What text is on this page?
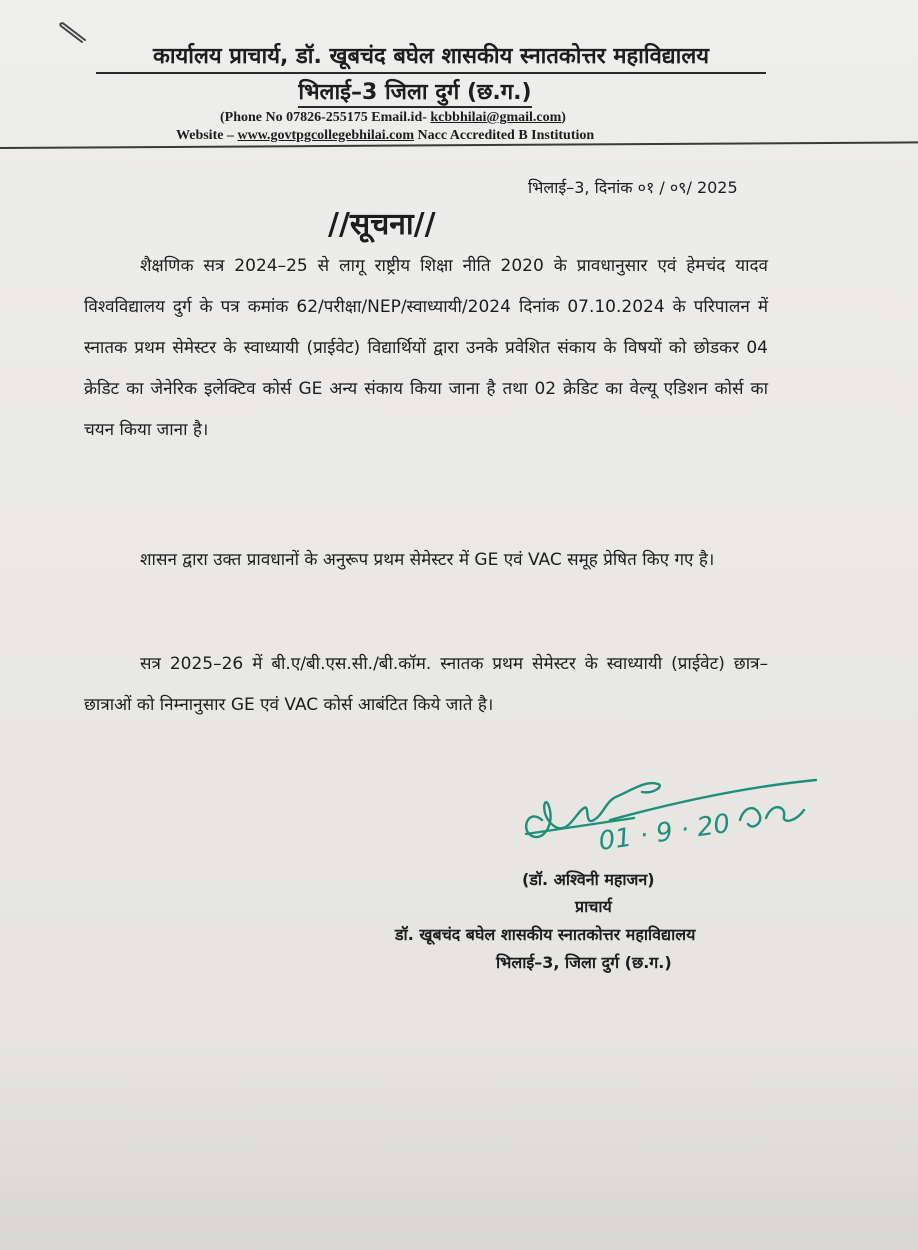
कार्यालय प्राचार्य, डॉ. खूबचंद बघेल शासकीय स्नातकोत्तर महाविद्यालय
भिलाई–3 जिला दुर्ग (छ.ग.)
(Phone No 07826-255175 Email.id- kcbbhilai@gmail.com)
Website – www.govtpgcollegebhilai.com Nacc Accredited B Institution
भिलाई–3, दिनांक ०१ / ०९/ 2025
//सूचना//
शैक्षणिक सत्र 2024–25 से लागू राष्ट्रीय शिक्षा नीति 2020 के प्रावधानुसार एवं हेमचंद यादव विश्वविद्यालय दुर्ग के पत्र कमांक 62/परीक्षा/NEP/स्वाध्यायी/2024 दिनांक 07.10.2024 के परिपालन में स्नातक प्रथम सेमेस्टर के स्वाध्यायी (प्राईवेट) विद्यार्थियों द्वारा उनके प्रवेशित संकाय के विषयों को छोडकर 04 क्रेडिट का जेनेरिक इलेक्टिव कोर्स GE अन्य संकाय किया जाना है तथा 02 क्रेडिट का वेल्यू एडिशन कोर्स का चयन किया जाना है।
शासन द्वारा उक्त प्रावधानों के अनुरूप प्रथम सेमेस्टर में GE एवं VAC समूह प्रेषित किए गए है।
सत्र 2025–26 में बी.ए/बी.एस.सी./बी.कॉम. स्नातक प्रथम सेमेस्टर के स्वाध्यायी (प्राईवेट) छात्र–छात्राओं को निम्नानुसार GE एवं VAC कोर्स आबंटित किये जाते है।
01 · 9 · 20
(डॉ. अश्विनी महाजन)
प्राचार्य
डॉ. खूबचंद बघेल शासकीय स्नातकोत्तर महाविद्यालय
भिलाई–3, जिला दुर्ग (छ.ग.)
